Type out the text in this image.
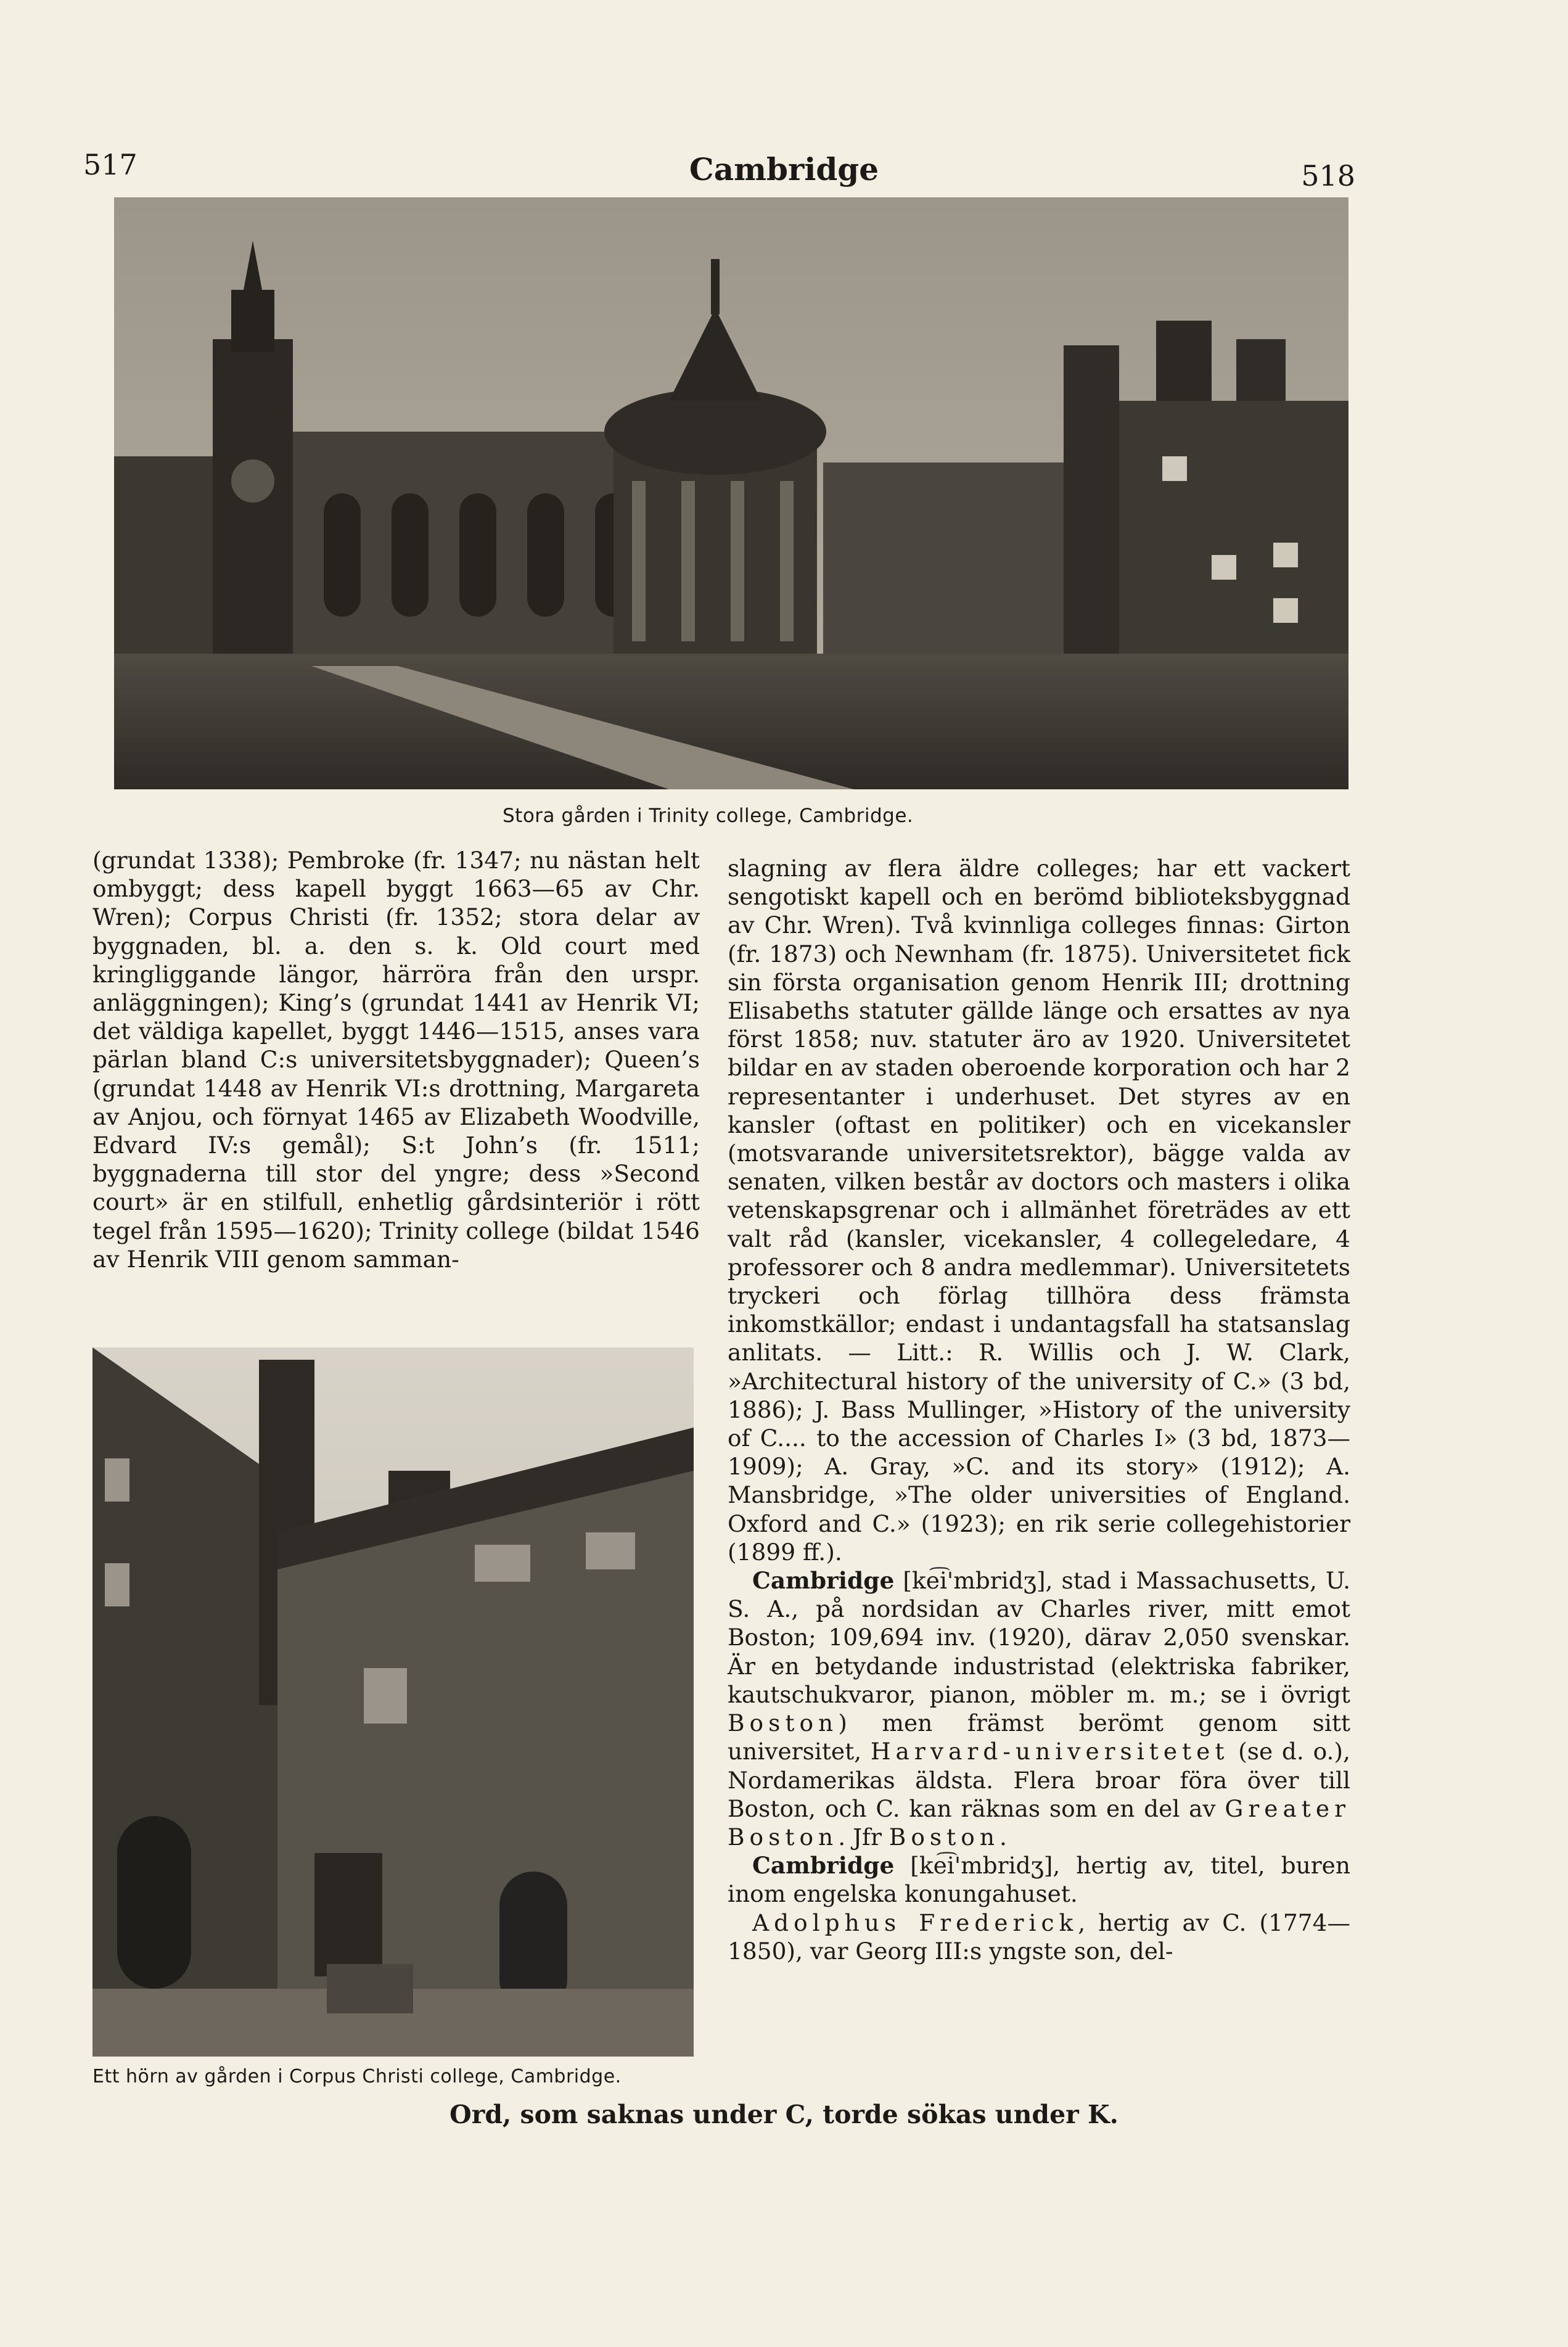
517	Cambridge	518
Stora gården i Trinity college, Cambridge.

(grundat 1338); Pembroke (fr. 1347; nu nästan helt ombyggt; dess kapell byggt 1663—65 av Chr. Wren); Corpus Christi (fr. 1352; stora delar av byggnaden, bl. a. den s. k. Old court med kringliggande längor, härröra från den urspr. anläggningen); King’s (grundat 1441 av Henrik VI; det väldiga kapellet, byggt 1446—1515, anses vara pärlan bland C:s universitetsbyggnader); Queen’s (grundat 1448 av Henrik VI:s drottning, Margareta av Anjou, och förnyat 1465 av Elizabeth Woodville, Edvard IV:s gemål); S:t John’s (fr. 1511; byggnaderna till stor del yngre; dess »Second court» är en stilfull, enhetlig gårdsinteriör i rött tegel från 1595—1620); Trinity college (bildat 1546 av Henrik VIII genom samman-

Ett hörn av gården i Corpus Christi college, Cambridge.

slagning av flera äldre colleges; har ett vackert sengotiskt kapell och en berömd biblioteksbyggnad av Chr. Wren). Två kvinnliga colleges finnas: Girton (fr. 1873) och Newnham (fr. 1875). Universitetet fick sin första organisation genom Henrik III; drottning Elisabeths statuter gällde länge och ersattes av nya först 1858; nuv. statuter äro av 1920. Universitetet bildar en av staden oberoende korporation och har 2 representanter i underhuset. Det styres av en kansler (oftast en politiker) och en vicekansler (motsvarande universitetsrektor), bägge valda av senaten, vilken består av doctors och masters i olika vetenskapsgrenar och i allmänhet företrädes av ett valt råd (kansler, vicekansler, 4 collegeledare, 4 professorer och 8 andra medlemmar). Universitetets tryckeri och förlag tillhöra dess främsta inkomstkällor; endast i undantagsfall ha statsanslag anlitats. — Litt.: R. Willis och J. W. Clark, »Architectural history of the university of C.» (3 bd, 1886); J. Bass Mullinger, »History of the university of C.... to the accession of Charles I» (3 bd, 1873—1909); A. Gray, »C. and its story» (1912); A. Mansbridge, »The older universities of England. Oxford and C.» (1923); en rik serie collegehistorier (1899 ff.).

Cambridge [ke͡i'mbridʒ], stad i Massachusetts, U. S. A., på nordsidan av Charles river, mitt emot Boston; 109,694 inv. (1920), därav 2,050 svenskar. Är en betydande industristad (elektriska fabriker, kautschukvaror, pianon, möbler m. m.; se i övrigt Boston) men främst berömt genom sitt universitet, Harvard-universitetet (se d. o.), Nordamerikas äldsta. Flera broar föra över till Boston, och C. kan räknas som en del av Greater Boston. Jfr Boston.

Cambridge [ke͡i'mbridʒ], hertig av, titel, buren inom engelska konungahuset.

Adolphus Frederick, hertig av C. (1774—1850), var Georg III:s yngste son, del-

Ord, som saknas under C, torde sökas under K.
